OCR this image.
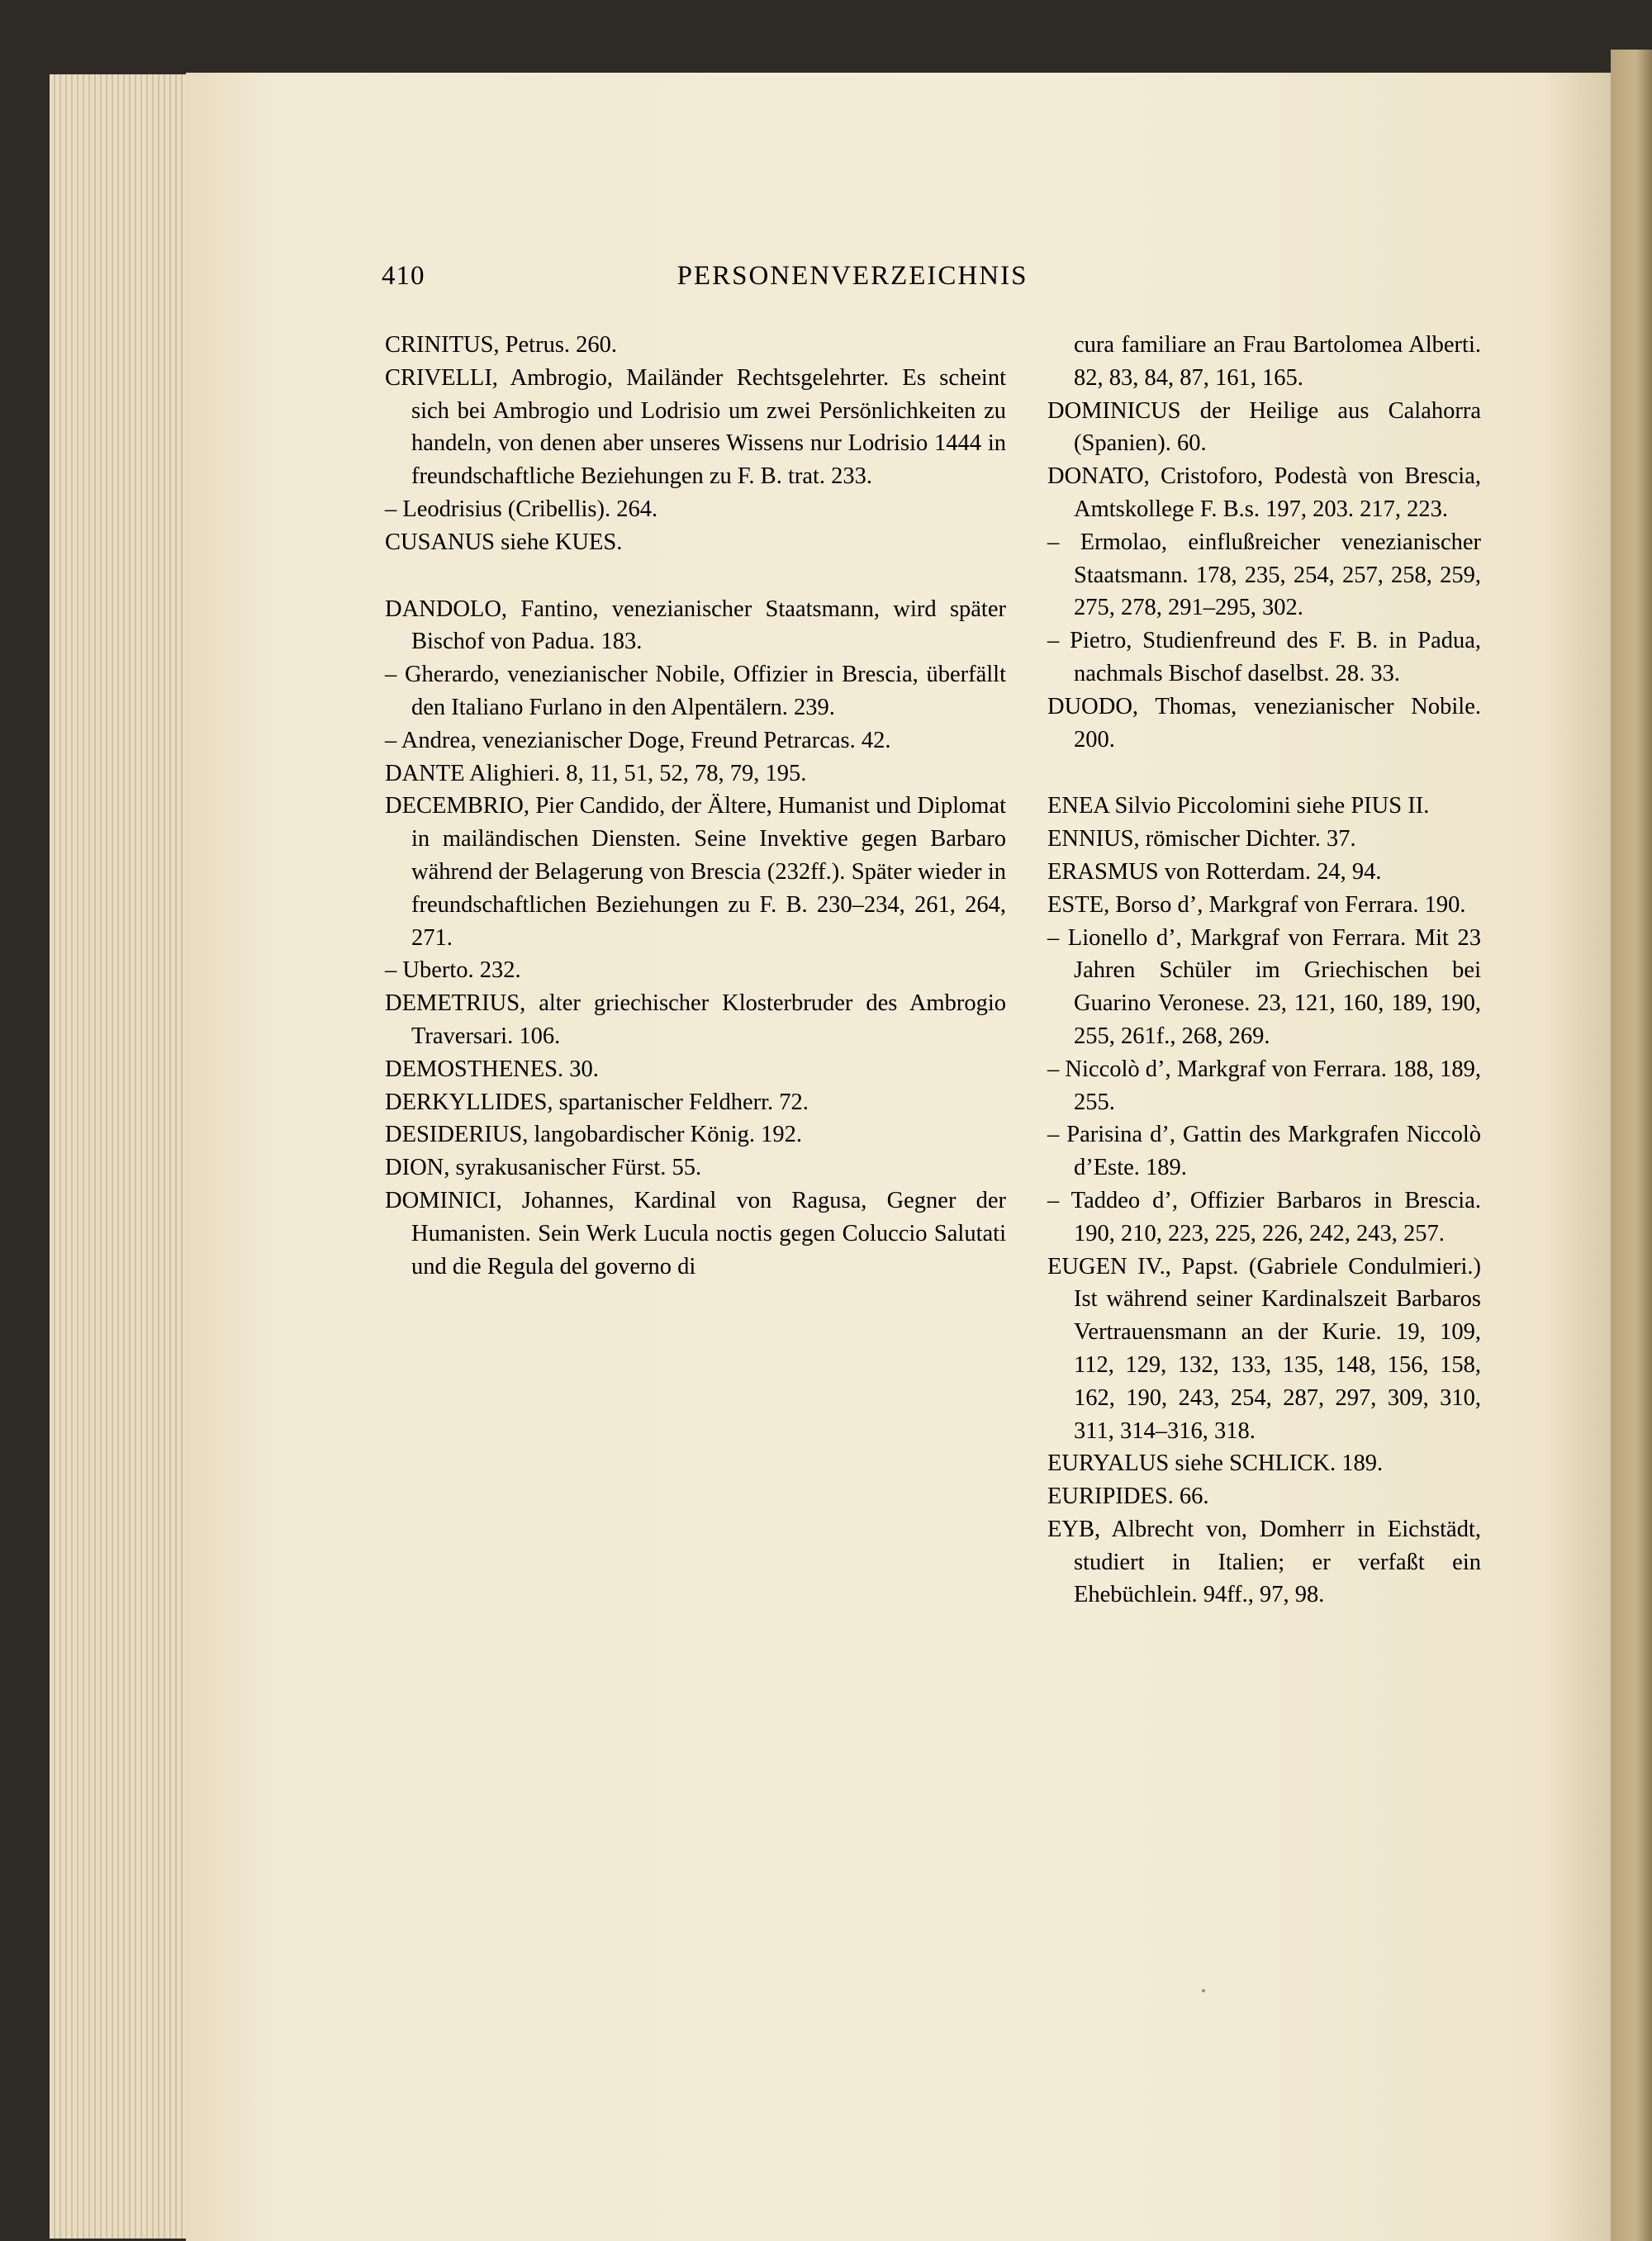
410	PERSONENVERZEICHNIS

CRINITUS, Petrus. 260.

CRIVELLI, Ambrogio, Mailänder Rechtsgelehrter. Es scheint sich bei Ambrogio und Lodrisio um zwei Persönlichkeiten zu handeln, von denen aber unseres Wissens nur Lodrisio 1444 in freundschaftliche Beziehungen zu F. B. trat. 233.

– Leodrisius (Cribellis). 264.

CUSANUS siehe KUES.

DANDOLO, Fantino, venezianischer Staatsmann, wird später Bischof von Padua. 183.

– Gherardo, venezianischer Nobile, Offizier in Brescia, überfällt den Italiano Furlano in den Alpentälern. 239.

– Andrea, venezianischer Doge, Freund Petrarcas. 42.

DANTE Alighieri. 8, 11, 51, 52, 78, 79, 195.

DECEMBRIO, Pier Candido, der Ältere, Humanist und Diplomat in mailändischen Diensten. Seine Invektive gegen Barbaro während der Belagerung von Brescia (232ff.). Später wieder in freundschaftlichen Beziehungen zu F. B. 230–234, 261, 264, 271.

– Uberto. 232.

DEMETRIUS, alter griechischer Klosterbruder des Ambrogio Traversari. 106.

DEMOSTHENES. 30.

DERKYLLIDES, spartanischer Feldherr. 72.

DESIDERIUS, langobardischer König. 192.

DION, syrakusanischer Fürst. 55.

DOMINICI, Johannes, Kardinal von Ragusa, Gegner der Humanisten. Sein Werk Lucula noctis gegen Coluccio Salutati und die Regula del governo di

cura familiare an Frau Bartolomea Alberti. 82, 83, 84, 87, 161, 165.

DOMINICUS der Heilige aus Calahorra (Spanien). 60.

DONATO, Cristoforo, Podestà von Brescia, Amtskollege F. B.s. 197, 203. 217, 223.

– Ermolao, einflußreicher venezianischer Staatsmann. 178, 235, 254, 257, 258, 259, 275, 278, 291–295, 302.

– Pietro, Studienfreund des F. B. in Padua, nachmals Bischof daselbst. 28. 33.

DUODO, Thomas, venezianischer Nobile. 200.

ENEA Silvio Piccolomini siehe PIUS II.

ENNIUS, römischer Dichter. 37.

ERASMUS von Rotterdam. 24, 94.

ESTE, Borso d’, Markgraf von Ferrara. 190.

– Lionello d’, Markgraf von Ferrara. Mit 23 Jahren Schüler im Griechischen bei Guarino Veronese. 23, 121, 160, 189, 190, 255, 261f., 268, 269.

– Niccolò d’, Markgraf von Ferrara. 188, 189, 255.

– Parisina d’, Gattin des Markgrafen Niccolò d’Este. 189.

– Taddeo d’, Offizier Barbaros in Brescia. 190, 210, 223, 225, 226, 242, 243, 257.

EUGEN IV., Papst. (Gabriele Condulmieri.) Ist während seiner Kardinalszeit Barbaros Vertrauensmann an der Kurie. 19, 109, 112, 129, 132, 133, 135, 148, 156, 158, 162, 190, 243, 254, 287, 297, 309, 310, 311, 314–316, 318.

EURYALUS siehe SCHLICK. 189.

EURIPIDES. 66.

EYB, Albrecht von, Domherr in Eichstädt, studiert in Italien; er verfaßt ein Ehebüchlein. 94ff., 97, 98.
